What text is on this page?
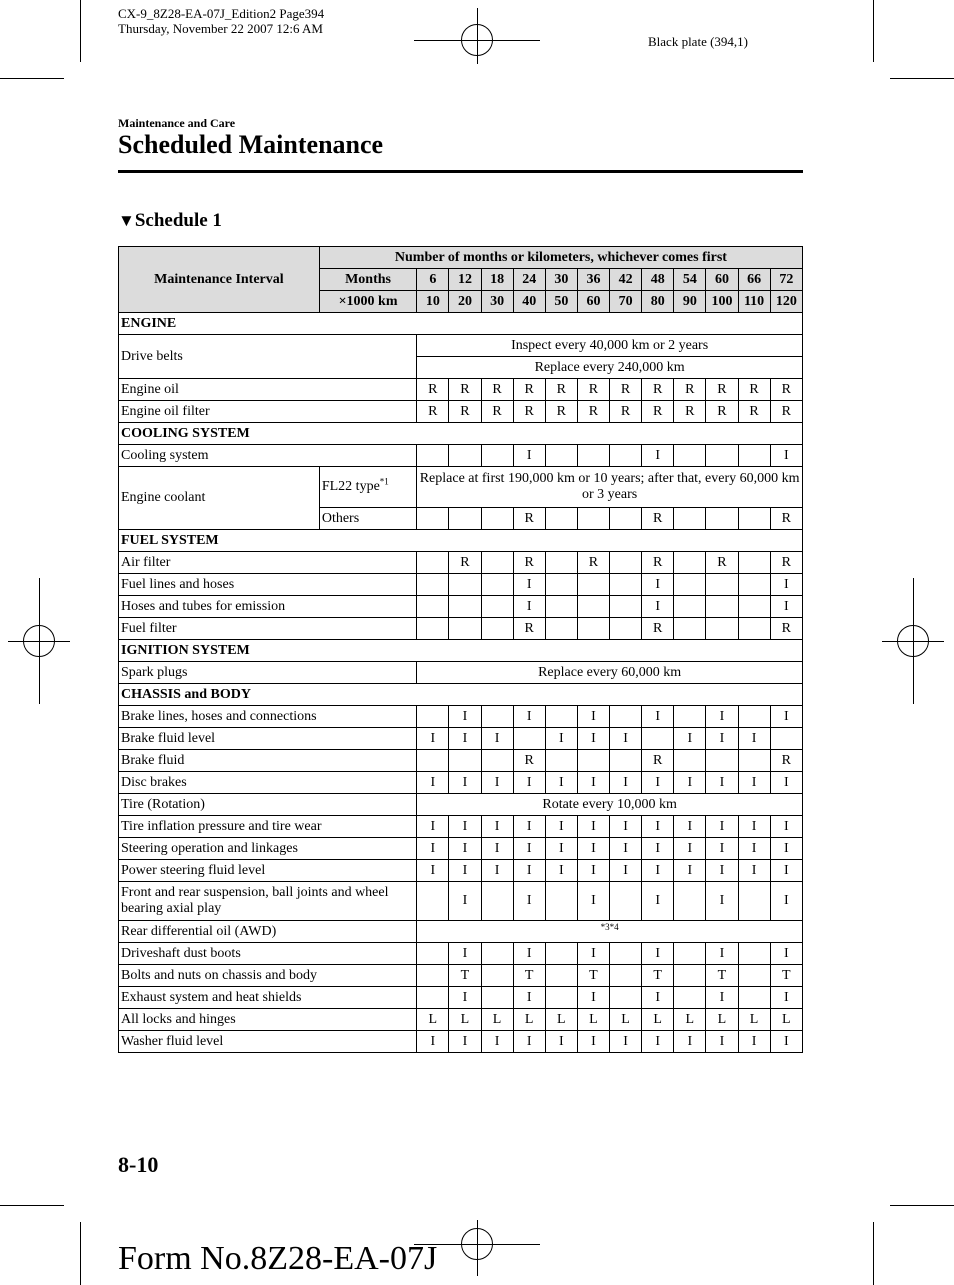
CX-9_8Z28-EA-07J_Edition2 Page394
Thursday, November 22 2007 12:6 AM
Black plate (394,1)
Maintenance and Care
Scheduled Maintenance
▼Schedule 1
Maintenance Interval	Number of months or kilometers, whichever comes first												
	Months	6	12	18	24	30	36	42	48	54	60	66	72
	×1000 km	10	20	30	40	50	60	70	80	90	100	110	120
ENGINE													
Drive belts		Inspect every 40,000 km or 2 years											
		Replace every 240,000 km											
Engine oil		R	R	R	R	R	R	R	R	R	R	R	R
Engine oil filter		R	R	R	R	R	R	R	R	R	R	R	R
COOLING SYSTEM													
Cooling system					I				I				I
Engine coolant	FL22 type$^{*1}$	Replace at first 190,000 km or 10 years; after that, every 60,000 km or 3 years											
	Others				R				R				R
FUEL SYSTEM													
Air filter			R		R		R		R		R		R
Fuel lines and hoses					I				I				I
Hoses and tubes for emission					I				I				I
Fuel filter					R				R				R
IGNITION SYSTEM													
Spark plugs		Replace every 60,000 km											
CHASSIS and BODY													
Brake lines, hoses and connections			I		I		I		I		I		I
Brake fluid level		I	I	I		I	I	I		I	I	I	
Brake fluid					R				R				R
Disc brakes		I	I	I	I	I	I	I	I	I	I	I	I
Tire (Rotation)		Rotate every 10,000 km											
Tire inflation pressure and tire wear		I	I	I	I	I	I	I	I	I	I	I	I
Steering operation and linkages		I	I	I	I	I	I	I	I	I	I	I	I
Power steering fluid level		I	I	I	I	I	I	I	I	I	I	I	I
Front and rear suspension, ball joints and wheel bearing axial play			I		I		I		I		I		I
Rear differential oil (AWD)		*3*4											
Driveshaft dust boots			I		I		I		I		I		I
Bolts and nuts on chassis and body			T		T		T		T		T		T
Exhaust system and heat shields			I		I		I		I		I		I
All locks and hinges		L	L	L	L	L	L	L	L	L	L	L	L
Washer fluid level		I	I	I	I	I	I	I	I	I	I	I	I
8-10
Form No.8Z28-EA-07J
